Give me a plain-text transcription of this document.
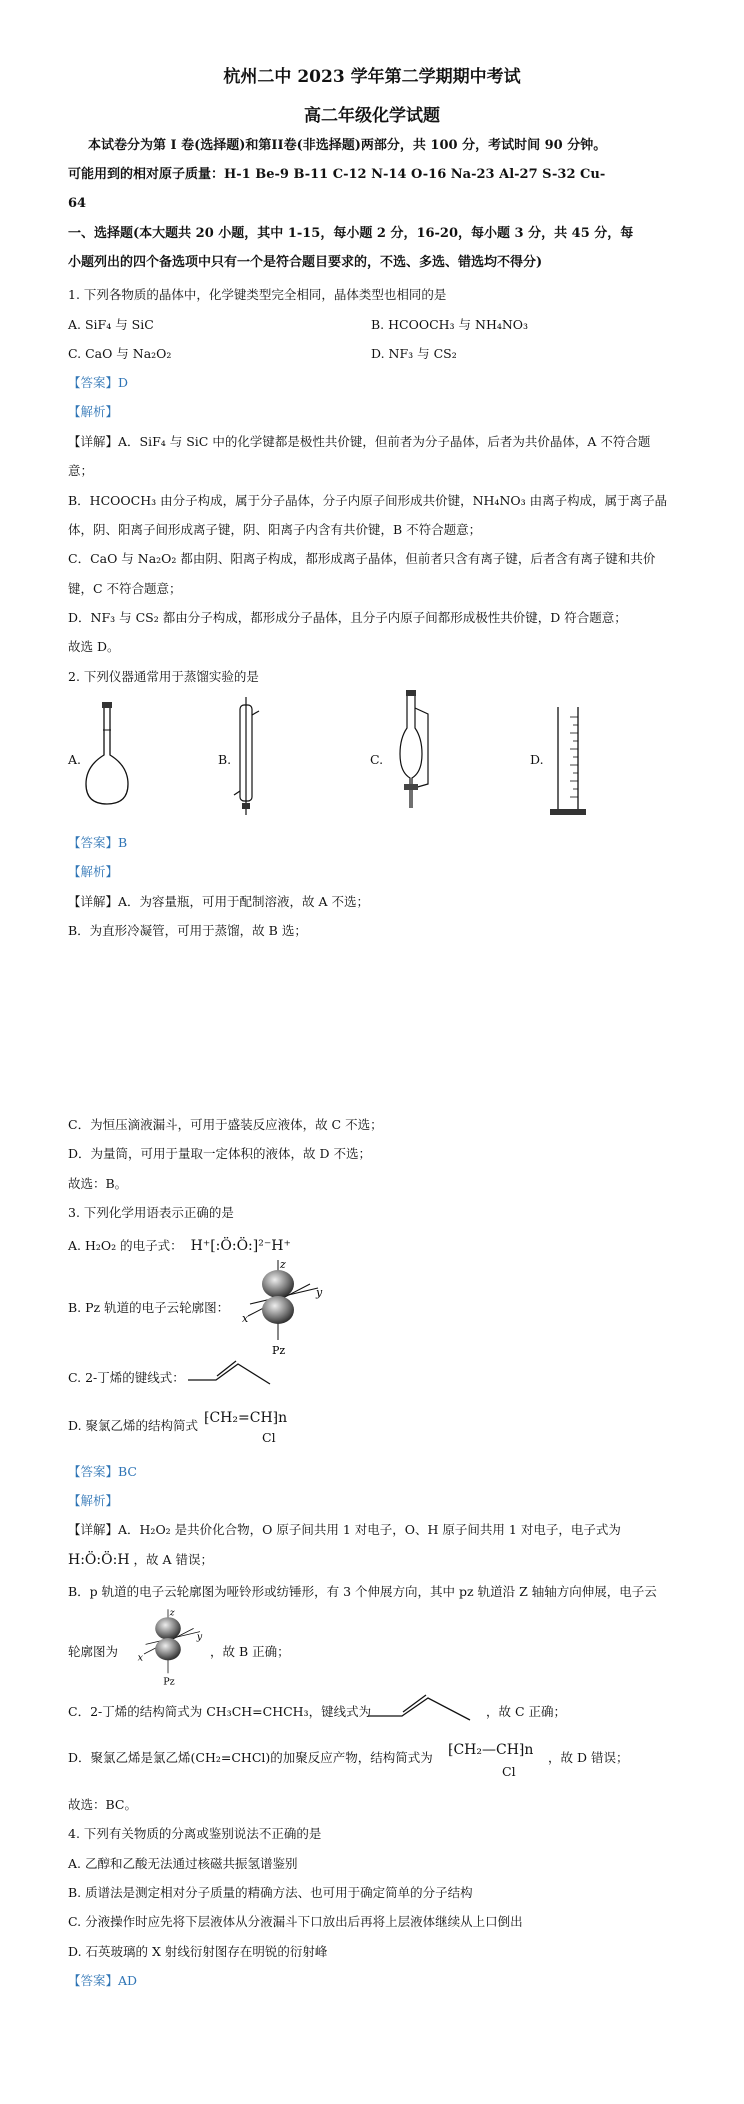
杭州二中 2023 学年第二学期期中考试
高二年级化学试题
本试卷分为第 I 卷(选择题)和第II卷(非选择题)两部分，共 100 分，考试时间 90 分钟。
可能用到的相对原子质量：H-1 Be-9 B-11 C-12 N-14 O-16 Na-23 Al-27 S-32 Cu-
64
一、选择题(本大题共 20 小题，其中 1-15，每小题 2 分，16-20，每小题 3 分，共 45 分，每
小题列出的四个备选项中只有一个是符合题目要求的，不选、多选、错选均不得分)
1. 下列各物质的晶体中，化学键类型完全相同，晶体类型也相同的是
A. SiF₄ 与 SiC	B. HCOOCH₃ 与 NH₄NO₃
C. CaO 与 Na₂O₂	D. NF₃ 与 CS₂
【答案】D
【解析】
【详解】A．SiF₄ 与 SiC 中的化学键都是极性共价键，但前者为分子晶体，后者为共价晶体，A 不符合题
意；
B．HCOOCH₃ 由分子构成，属于分子晶体，分子内原子间形成共价键，NH₄NO₃ 由离子构成，属于离子晶
体，阴、阳离子间形成离子键，阴、阳离子内含有共价键，B 不符合题意；
C．CaO 与 Na₂O₂ 都由阴、阳离子构成，都形成离子晶体，但前者只含有离子键，后者含有离子键和共价
键，C 不符合题意；
D．NF₃ 与 CS₂ 都由分子构成，都形成分子晶体，且分子内原子间都形成极性共价键，D 符合题意；
故选 D。
2. 下列仪器通常用于蒸馏实验的是
A.	B.	C.	D.
【答案】B
【解析】
【详解】A．为容量瓶，可用于配制溶液，故 A 不选；
B．为直形冷凝管，可用于蒸馏，故 B 选；
C．为恒压滴液漏斗，可用于盛装反应液体，故 C 不选；
D．为量筒，可用于量取一定体积的液体，故 D 不选；
故选：B。
3. 下列化学用语表示正确的是
A. H₂O₂ 的电子式： H⁺[:Ö:Ö:]²⁻H⁺
B. Pz 轨道的电子云轮廓图：
z
y
x
Pz
C. 2-丁烯的键线式：
D. 聚氯乙烯的结构简式 ⁅CH₂=CH⁆n
Cl
【答案】BC
【解析】
【详解】A．H₂O₂ 是共价化合物，O 原子间共用 1 对电子，O、H 原子间共用 1 对电子，电子式为
H:Ö:Ö:H ，故 A 错误；
B．p 轨道的电子云轮廓图为哑铃形或纺锤形，有 3 个伸展方向，其中 pz 轨道沿 Z 轴轴方向伸展，电子云
轮廓图为
z
y
x
Pz
，故 B 正确；
C．2-丁烯的结构简式为 CH₃CH=CHCH₃，键线式为	，故 C 正确；
D．聚氯乙烯是氯乙烯(CH₂=CHCl)的加聚反应产物，结构简式为 ⁅CH₂—CH⁆n
Cl
，故 D 错误；
故选：BC。
4. 下列有关物质的分离或鉴别说法不正确的是
A. 乙醇和乙酸无法通过核磁共振氢谱鉴别
B. 质谱法是测定相对分子质量的精确方法、也可用于确定简单的分子结构
C. 分液操作时应先将下层液体从分液漏斗下口放出后再将上层液体继续从上口倒出
D. 石英玻璃的 X 射线衍射图存在明锐的衍射峰
【答案】AD
